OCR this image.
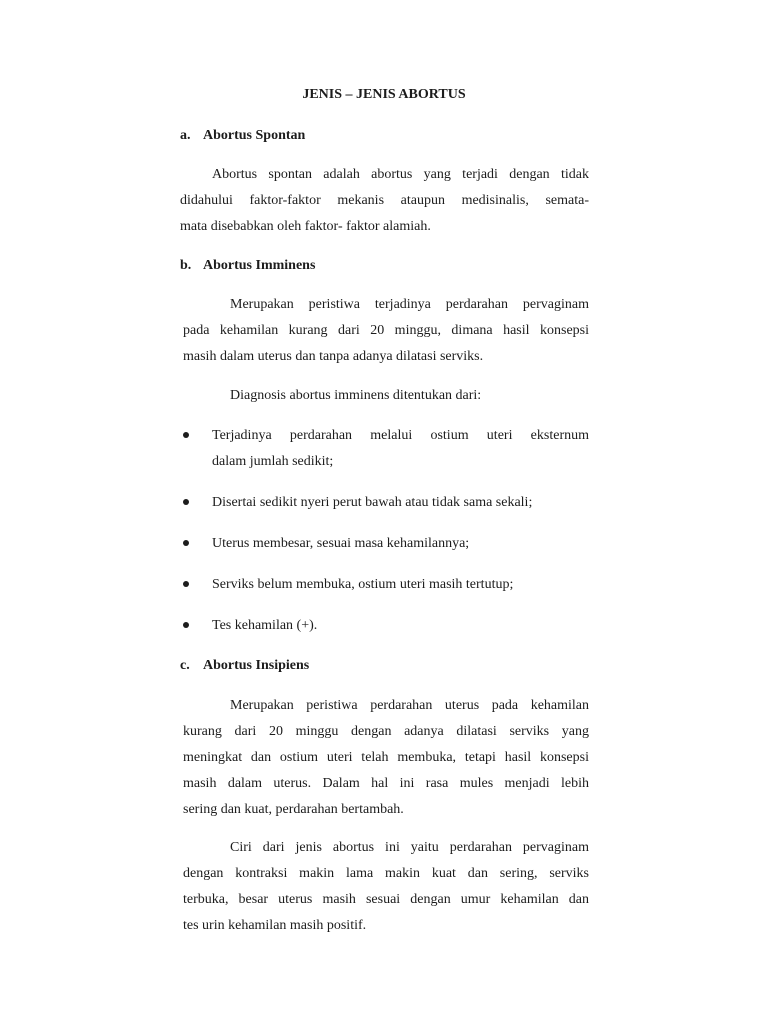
JENIS – JENIS ABORTUS
a. Abortus Spontan

Abortus spontan adalah abortus yang terjadi dengan tidak
didahului faktor-faktor mekanis ataupun medisinalis, semata-
mata disebabkan oleh faktor- faktor alamiah.

b. Abortus Imminens

Merupakan peristiwa terjadinya perdarahan pervaginam
pada kehamilan kurang dari 20 minggu, dimana hasil konsepsi
masih dalam uterus dan tanpa adanya dilatasi serviks.

Diagnosis abortus imminens ditentukan dari:

Terjadinya perdarahan melalui ostium uteri eksternum
dalam jumlah sedikit;
Disertai sedikit nyeri perut bawah atau tidak sama sekali;
Uterus membesar, sesuai masa kehamilannya;
Serviks belum membuka, ostium uteri masih tertutup;
Tes kehamilan (+).
c. Abortus Insipiens

Merupakan peristiwa perdarahan uterus pada kehamilan
kurang dari 20 minggu dengan adanya dilatasi serviks yang
meningkat dan ostium uteri telah membuka, tetapi hasil konsepsi
masih dalam uterus. Dalam hal ini rasa mules menjadi lebih
sering dan kuat, perdarahan bertambah.

Ciri dari jenis abortus ini yaitu perdarahan pervaginam
dengan kontraksi makin lama makin kuat dan sering, serviks
terbuka, besar uterus masih sesuai dengan umur kehamilan dan
tes urin kehamilan masih positif.
